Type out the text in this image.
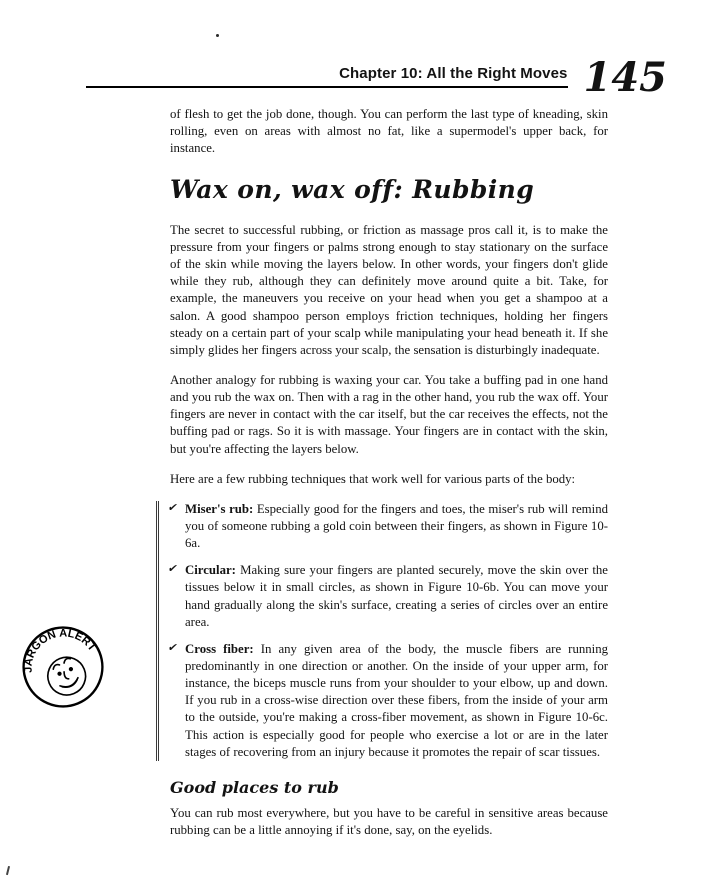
Chapter 10: All the Right Moves 145
JARGON ALERT

of flesh to get the job done, though. You can perform the last type of kneading, skin rolling, even on areas with almost no fat, like a supermodel's upper back, for instance.

Wax on, wax off: Rubbing

The secret to successful rubbing, or friction as massage pros call it, is to make the pressure from your fingers or palms strong enough to stay stationary on the surface of the skin while moving the layers below. In other words, your fingers don't glide while they rub, although they can definitely move around quite a bit. Take, for example, the maneuvers you receive on your head when you get a shampoo at a salon. A good shampoo person employs friction techniques, holding her fingers steady on a certain part of your scalp while manipulating your head beneath it. If she simply glides her fingers across your scalp, the sensation is disturbingly inadequate.

Another analogy for rubbing is waxing your car. You take a buffing pad in one hand and you rub the wax on. Then with a rag in the other hand, you rub the wax off. Your fingers are never in contact with the car itself, but the car receives the effects, not the buffing pad or rags. So it is with massage. Your fingers are in contact with the skin, but you're affecting the layers below.

Here are a few rubbing techniques that work well for various parts of the body:

✔ Miser's rub: Especially good for the fingers and toes, the miser's rub will remind you of someone rubbing a gold coin between their fingers, as shown in Figure 10-6a.
✔ Circular: Making sure your fingers are planted securely, move the skin over the tissues below it in small circles, as shown in Figure 10-6b. You can move your hand gradually along the skin's surface, creating a series of circles over an entire area.
✔ Cross fiber: In any given area of the body, the muscle fibers are running predominantly in one direction or another. On the inside of your upper arm, for instance, the biceps muscle runs from your shoulder to your elbow, up and down. If you rub in a cross-wise direction over these fibers, from the inside of your arm to the outside, you're making a cross-fiber movement, as shown in Figure 10-6c. This action is especially good for people who exercise a lot or are in the later stages of recovering from an injury because it promotes the repair of scar tissues.
Good places to rub

You can rub most everywhere, but you have to be careful in sensitive areas because rubbing can be a little annoying if it's done, say, on the eyelids.
